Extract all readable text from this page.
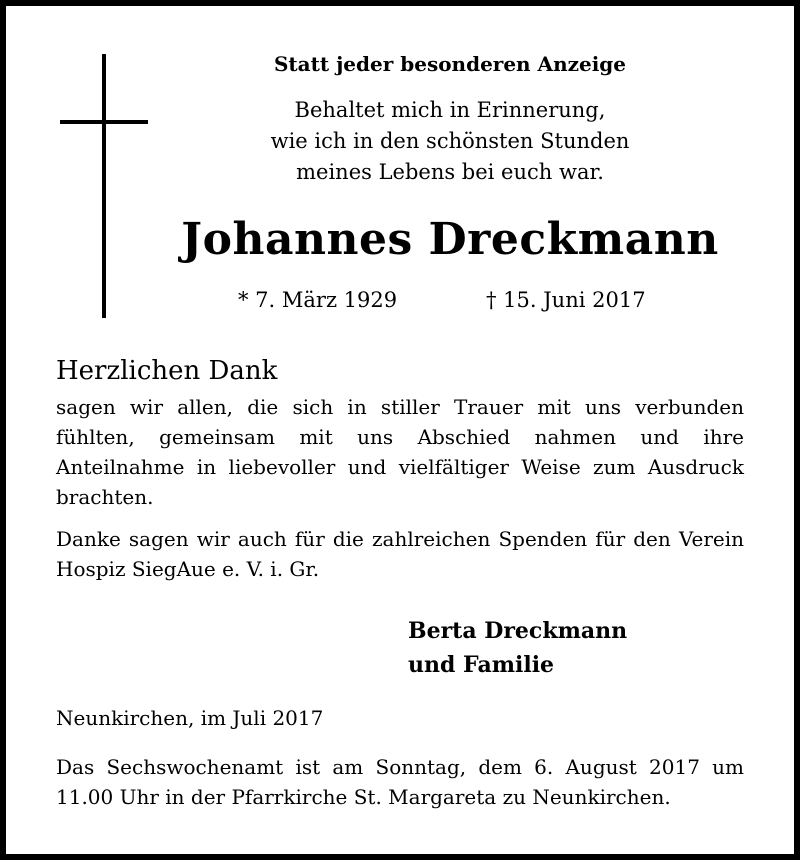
Statt jeder besonderen Anzeige
Behaltet mich in Erinnerung,
wie ich in den schönsten Stunden
meines Lebens bei euch war.
Johannes Dreckmann
* 7. März 1929	† 15. Juni 2017
Herzlichen Dank
sagen wir allen, die sich in stiller Trauer mit uns verbunden fühlten, gemeinsam mit uns Abschied nahmen und ihre Anteilnahme in liebevoller und vielfältiger Weise zum Ausdruck brachten.
Danke sagen wir auch für die zahlreichen Spenden für den Verein Hospiz SiegAue e. V. i. Gr.
Berta Dreckmann
und Familie
Neunkirchen, im Juli 2017
Das Sechswochenamt ist am Sonntag, dem 6. August 2017 um 11.00 Uhr in der Pfarrkirche St. Margareta zu Neunkirchen.
